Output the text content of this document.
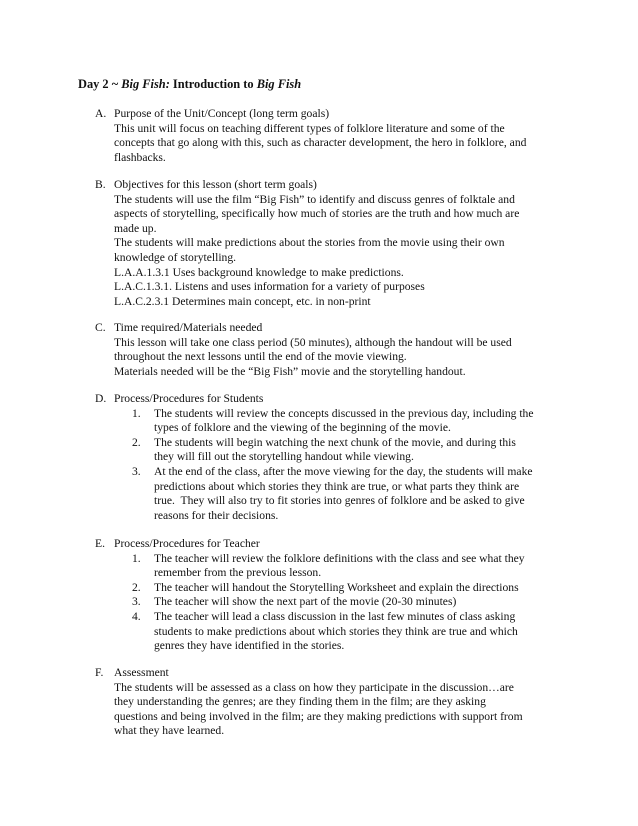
Day 2 ~ Big Fish: Introduction to Big Fish
A. Purpose of the Unit/Concept (long term goals)
This unit will focus on teaching different types of folklore literature and some of the
concepts that go along with this, such as character development, the hero in folklore, and
flashbacks.
B. Objectives for this lesson (short term goals)
The students will use the film “Big Fish” to identify and discuss genres of folktale and
aspects of storytelling, specifically how much of stories are the truth and how much are
made up.
The students will make predictions about the stories from the movie using their own
knowledge of storytelling.
L.A.A.1.3.1 Uses background knowledge to make predictions.
L.A.C.1.3.1. Listens and uses information for a variety of purposes
L.A.C.2.3.1 Determines main concept, etc. in non-print
C. Time required/Materials needed
This lesson will take one class period (50 minutes), although the handout will be used
throughout the next lessons until the end of the movie viewing.
Materials needed will be the “Big Fish” movie and the storytelling handout.
D. Process/Procedures for Students
1.	The students will review the concepts discussed in the previous day, including the
types of folklore and the viewing of the beginning of the movie.
2.	The students will begin watching the next chunk of the movie, and during this
they will fill out the storytelling handout while viewing.
3.	At the end of the class, after the move viewing for the day, the students will make
predictions about which stories they think are true, or what parts they think are
true.  They will also try to fit stories into genres of folklore and be asked to give
reasons for their decisions.
E. Process/Procedures for Teacher
1.	The teacher will review the folklore definitions with the class and see what they
remember from the previous lesson.
2.	The teacher will handout the Storytelling Worksheet and explain the directions
3.	The teacher will show the next part of the movie (20-30 minutes)
4.	The teacher will lead a class discussion in the last few minutes of class asking
students to make predictions about which stories they think are true and which
genres they have identified in the stories.
F. Assessment
The students will be assessed as a class on how they participate in the discussion…are
they understanding the genres; are they finding them in the film; are they asking
questions and being involved in the film; are they making predictions with support from
what they have learned.
